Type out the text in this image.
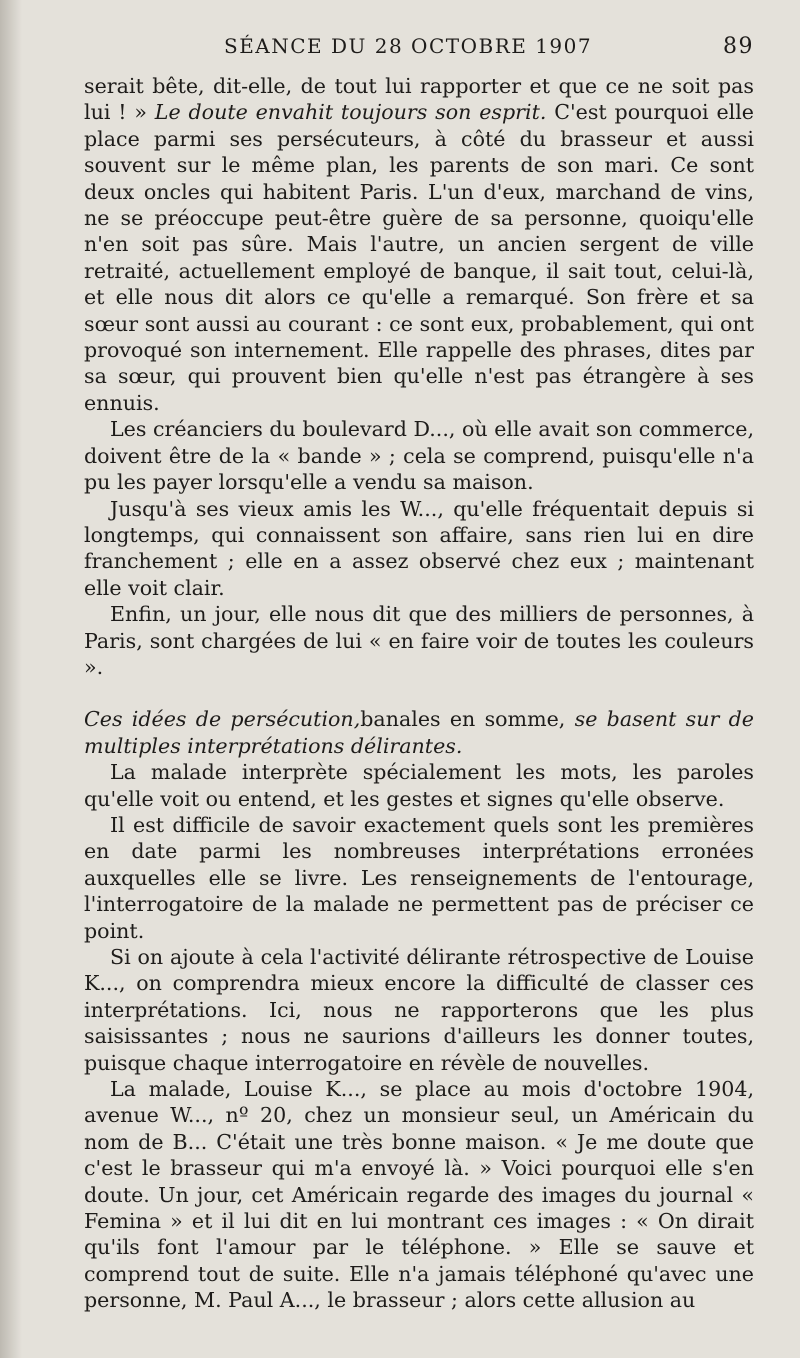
SÉANCE DU 28 OCTOBRE 1907	89

serait bête, dit-elle, de tout lui rapporter et que ce ne soit pas lui ! » Le doute envahit toujours son esprit. C'est pourquoi elle place parmi ses persécuteurs, à côté du brasseur et aussi souvent sur le même plan, les parents de son mari. Ce sont deux oncles qui habitent Paris. L'un d'eux, marchand de vins, ne se préoccupe peut-être guère de sa personne, quoiqu'elle n'en soit pas sûre. Mais l'autre, un ancien sergent de ville retraité, actuellement employé de banque, il sait tout, celui-là, et elle nous dit alors ce qu'elle a remarqué. Son frère et sa sœur sont aussi au courant : ce sont eux, probablement, qui ont provoqué son internement. Elle rappelle des phrases, dites par sa sœur, qui prouvent bien qu'elle n'est pas étrangère à ses ennuis.

Les créanciers du boulevard D..., où elle avait son commerce, doivent être de la « bande » ; cela se comprend, puisqu'elle n'a pu les payer lorsqu'elle a vendu sa maison.

Jusqu'à ses vieux amis les W..., qu'elle fréquentait depuis si longtemps, qui connaissent son affaire, sans rien lui en dire franchement ; elle en a assez observé chez eux ; maintenant elle voit clair.

Enfin, un jour, elle nous dit que des milliers de personnes, à Paris, sont chargées de lui « en faire voir de toutes les couleurs ».

Ces idées de persécution,banales en somme, se basent sur de multiples interprétations délirantes.

La malade interprète spécialement les mots, les paroles qu'elle voit ou entend, et les gestes et signes qu'elle observe.

Il est difficile de savoir exactement quels sont les premières en date parmi les nombreuses interprétations erronées auxquelles elle se livre. Les renseignements de l'entourage, l'interrogatoire de la malade ne permettent pas de préciser ce point.

Si on ajoute à cela l'activité délirante rétrospective de Louise K..., on comprendra mieux encore la difficulté de classer ces interprétations. Ici, nous ne rapporterons que les plus saisissantes ; nous ne saurions d'ailleurs les donner toutes, puisque chaque interrogatoire en révèle de nouvelles.

La malade, Louise K..., se place au mois d'octobre 1904, avenue W..., nº 20, chez un monsieur seul, un Américain du nom de B... C'était une très bonne maison. « Je me doute que c'est le brasseur qui m'a envoyé là. » Voici pourquoi elle s'en doute. Un jour, cet Américain regarde des images du journal « Femina » et il lui dit en lui montrant ces images : « On dirait qu'ils font l'amour par le téléphone. » Elle se sauve et comprend tout de suite. Elle n'a jamais téléphoné qu'avec une personne, M. Paul A..., le brasseur ; alors cette allusion au
